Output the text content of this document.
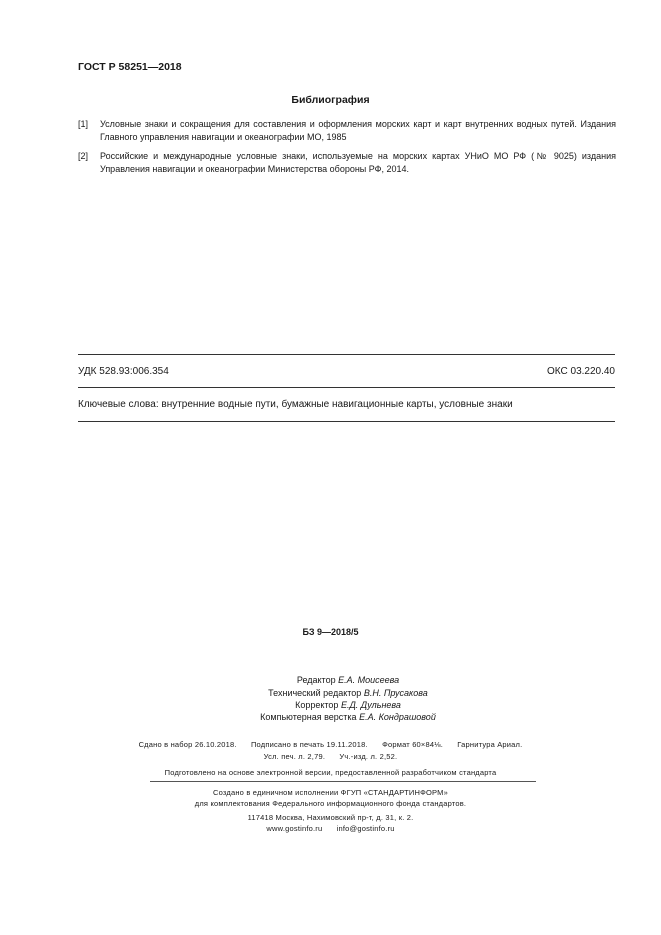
ГОСТ Р 58251—2018
Библиография
[1] Условные знаки и сокращения для составления и оформления морских карт и карт внутренних водных путей. Издания Главного управления навигации и океанографии МО, 1985
[2] Российские и международные условные знаки, используемые на морских картах УНиО МО РФ (№ 9025) издания Управления навигации и океанографии Министерства обороны РФ, 2014.
УДК 528.93:006.354	ОКС 03.220.40
Ключевые слова: внутренние водные пути, бумажные навигационные карты, условные знаки
БЗ 9—2018/5
Редактор Е.А. Моисеева
Технический редактор В.Н. Прусакова
Корректор Е.Д. Дульнева
Компьютерная верстка Е.А. Кондрашовой
Сдано в набор 26.10.2018. Подписано в печать 19.11.2018. Формат 60×84⅛. Гарнитура Ариал.
Усл. печ. л. 2,79. Уч.-изд. л. 2,52.
Подготовлено на основе электронной версии, предоставленной разработчиком стандарта
Создано в единичном исполнении ФГУП «СТАНДАРТИНФОРМ»
для комплектования Федерального информационного фонда стандартов.
117418 Москва, Нахимовский пр-т, д. 31, к. 2.
www.gostinfo.ru info@gostinfo.ru
